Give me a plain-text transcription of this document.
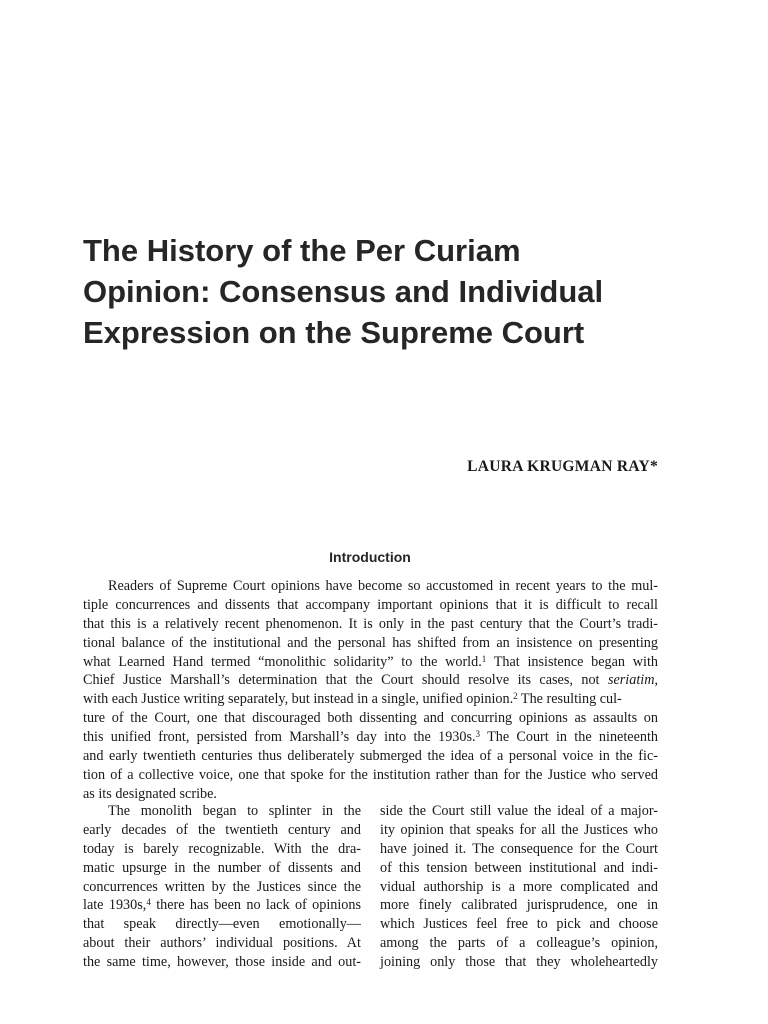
The History of the Per Curiam
Opinion: Consensus and Individual
Expression on the Supreme Court
LAURA KRUGMAN RAY*
Introduction
Readers of Supreme Court opinions have become so accustomed in recent years to the mul-
tiple concurrences and dissents that accompany important opinions that it is difficult to recall
that this is a relatively recent phenomenon. It is only in the past century that the Court’s tradi-
tional balance of the institutional and the personal has shifted from an insistence on presenting
what Learned Hand termed “monolithic solidarity” to the world.$^1$ That insistence began with
Chief Justice Marshall’s determination that the Court should resolve its cases, not seriatim,
with each Justice writing separately, but instead in a single, unified opinion.$^2$ The resulting cul-
ture of the Court, one that discouraged both dissenting and concurring opinions as assaults on
this unified front, persisted from Marshall’s day into the 1930s.$^3$ The Court in the nineteenth
and early twentieth centuries thus deliberately submerged the idea of a personal voice in the fic-
tion of a collective voice, one that spoke for the institution rather than for the Justice who served
as its designated scribe.
The monolith began to splinter in the
early decades of the twentieth century and
today is barely recognizable. With the dra-
matic upsurge in the number of dissents and
concurrences written by the Justices since the
late 1930s,$^4$ there has been no lack of opinions
that speak directly—even emotionally—
about their authors’ individual positions. At
the same time, however, those inside and out-
side the Court still value the ideal of a major-
ity opinion that speaks for all the Justices who
have joined it. The consequence for the Court
of this tension between institutional and indi-
vidual authorship is a more complicated and
more finely calibrated jurisprudence, one in
which Justices feel free to pick and choose
among the parts of a colleague’s opinion,
joining only those that they wholeheartedly
